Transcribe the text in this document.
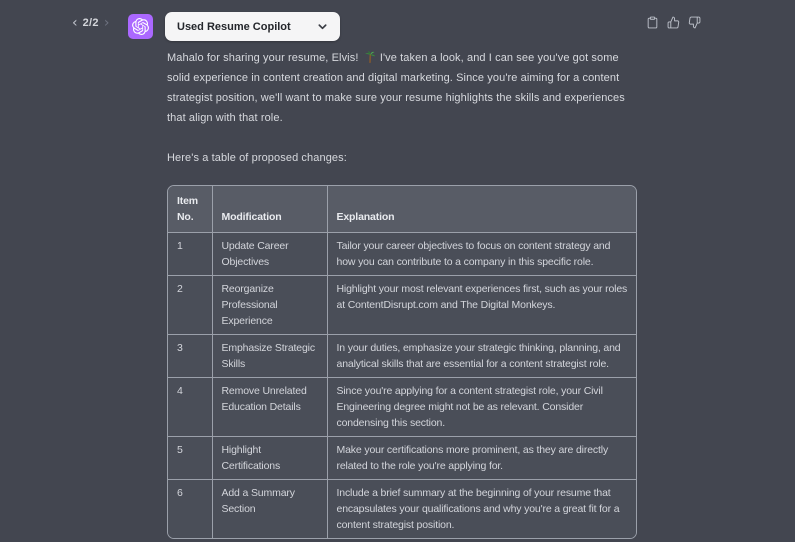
‹ 2/2 ›	Used Resume Copilot

Mahalo for sharing your resume, Elvis! I've taken a look, and I can see you've got some solid experience in content creation and digital marketing. Since you're aiming for a content strategist position, we'll want to make sure your resume highlights the skills and experiences that align with that role.

Here's a table of proposed changes:

Item No.	Modification	Explanation
1	Update Career Objectives	Tailor your career objectives to focus on content strategy and how you can contribute to a company in this specific role.
2	Reorganize Professional Experience	Highlight your most relevant experiences first, such as your roles at ContentDisrupt.com and The Digital Monkeys.
3	Emphasize Strategic Skills	In your duties, emphasize your strategic thinking, planning, and analytical skills that are essential for a content strategist role.
4	Remove Unrelated Education Details	Since you're applying for a content strategist role, your Civil Engineering degree might not be as relevant. Consider condensing this section.
5	Highlight Certifications	Make your certifications more prominent, as they are directly related to the role you're applying for.
6	Add a Summary Section	Include a brief summary at the beginning of your resume that encapsulates your qualifications and why you're a great fit for a content strategist position.
